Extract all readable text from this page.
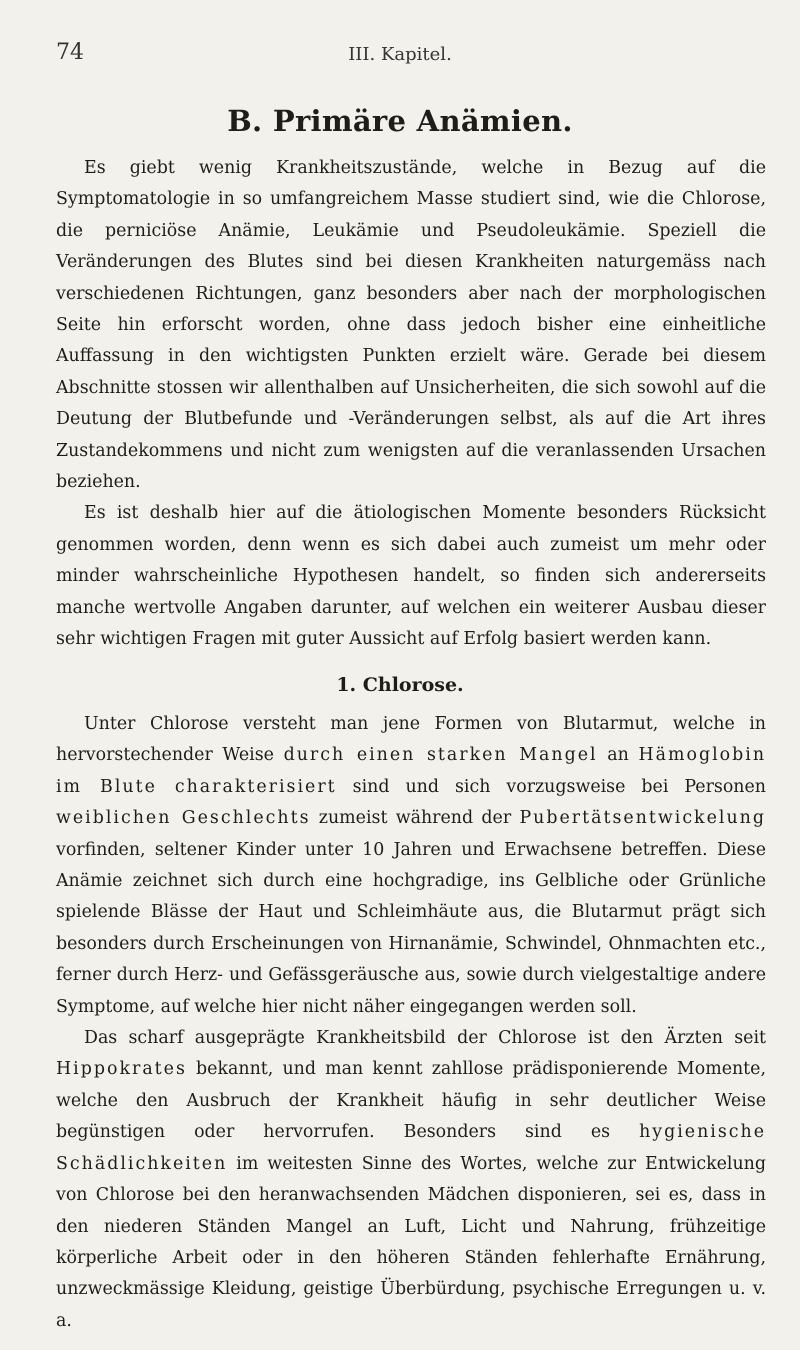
74	III. Kapitel.
B. Primäre Anämien.

Es giebt wenig Krankheitszustände, welche in Bezug auf die Symptomatologie in so umfangreichem Masse studiert sind, wie die Chlorose, die perniciöse Anämie, Leukämie und Pseudoleukämie. Speziell die Veränderungen des Blutes sind bei diesen Krankheiten naturgemäss nach verschiedenen Richtungen, ganz besonders aber nach der morphologischen Seite hin erforscht worden, ohne dass jedoch bisher eine einheitliche Auffassung in den wichtigsten Punkten erzielt wäre. Gerade bei diesem Abschnitte stossen wir allenthalben auf Unsicherheiten, die sich sowohl auf die Deutung der Blutbefunde und -Veränderungen selbst, als auf die Art ihres Zustandekommens und nicht zum wenigsten auf die veranlassenden Ursachen beziehen.

Es ist deshalb hier auf die ätiologischen Momente besonders Rücksicht genommen worden, denn wenn es sich dabei auch zumeist um mehr oder minder wahrscheinliche Hypothesen handelt, so finden sich andererseits manche wertvolle Angaben darunter, auf welchen ein weiterer Ausbau dieser sehr wichtigen Fragen mit guter Aussicht auf Erfolg basiert werden kann.

1. Chlorose.

Unter Chlorose versteht man jene Formen von Blutarmut, welche in hervorstechender Weise durch einen starken Mangel an Hämoglobin im Blute charakterisiert sind und sich vorzugsweise bei Personen weiblichen Geschlechts zumeist während der Pubertätsentwickelung vorfinden, seltener Kinder unter 10 Jahren und Erwachsene betreffen. Diese Anämie zeichnet sich durch eine hochgradige, ins Gelbliche oder Grünliche spielende Blässe der Haut und Schleimhäute aus, die Blutarmut prägt sich besonders durch Erscheinungen von Hirnanämie, Schwindel, Ohnmachten etc., ferner durch Herz- und Gefässgeräusche aus, sowie durch vielgestaltige andere Symptome, auf welche hier nicht näher eingegangen werden soll.

Das scharf ausgeprägte Krankheitsbild der Chlorose ist den Ärzten seit Hippokrates bekannt, und man kennt zahllose prädisponierende Momente, welche den Ausbruch der Krankheit häufig in sehr deutlicher Weise begünstigen oder hervorrufen. Besonders sind es hygienische Schädlichkeiten im weitesten Sinne des Wortes, welche zur Entwickelung von Chlorose bei den heranwachsenden Mädchen disponieren, sei es, dass in den niederen Ständen Mangel an Luft, Licht und Nahrung, frühzeitige körperliche Arbeit oder in den höheren Ständen fehlerhafte Ernährung, unzweckmässige Kleidung, geistige Überbürdung, psychische Erregungen u. v. a.
